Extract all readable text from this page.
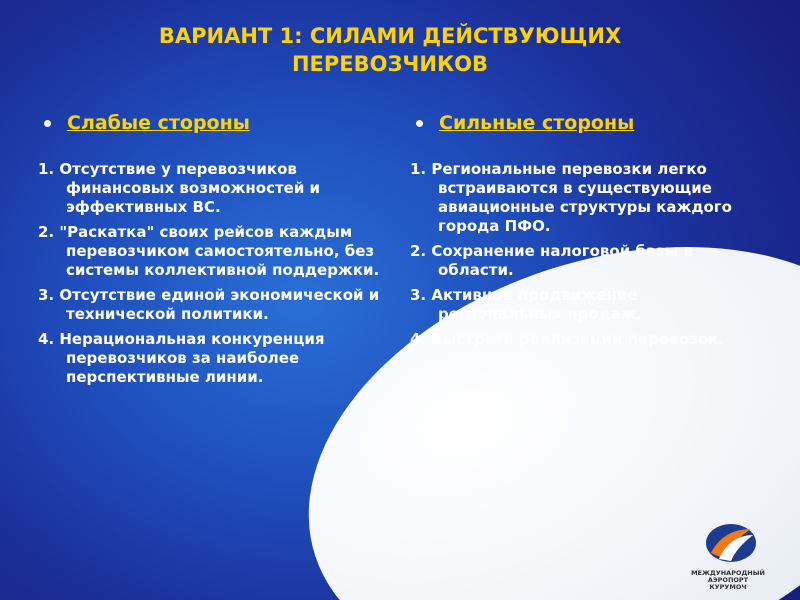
ВАРИАНТ 1: СИЛАМИ ДЕЙСТВУЮЩИХ
ПЕРЕВОЗЧИКОВ
Слабые стороны
1. Отсутствие у перевозчиков финансовых возможностей и эффективных ВС.
2. "Раскатка" своих рейсов каждым перевозчиком самостоятельно, без системы коллективной поддержки.
3. Отсутствие единой экономической и технической политики.
4. Нерациональная конкуренция перевозчиков за наиболее перспективные линии.
Сильные стороны
1. Региональные перевозки легко встраиваются в существующие авиационные структуры каждого города ПФО.
2. Сохранение налоговой базы в области.
3. Активное продвижение региональных продаж.
4. Быстрота реализации перевозок.
МЕЖДУНАРОДНЫЙ
АЭРОПОРТ
КУРУМОЧ
